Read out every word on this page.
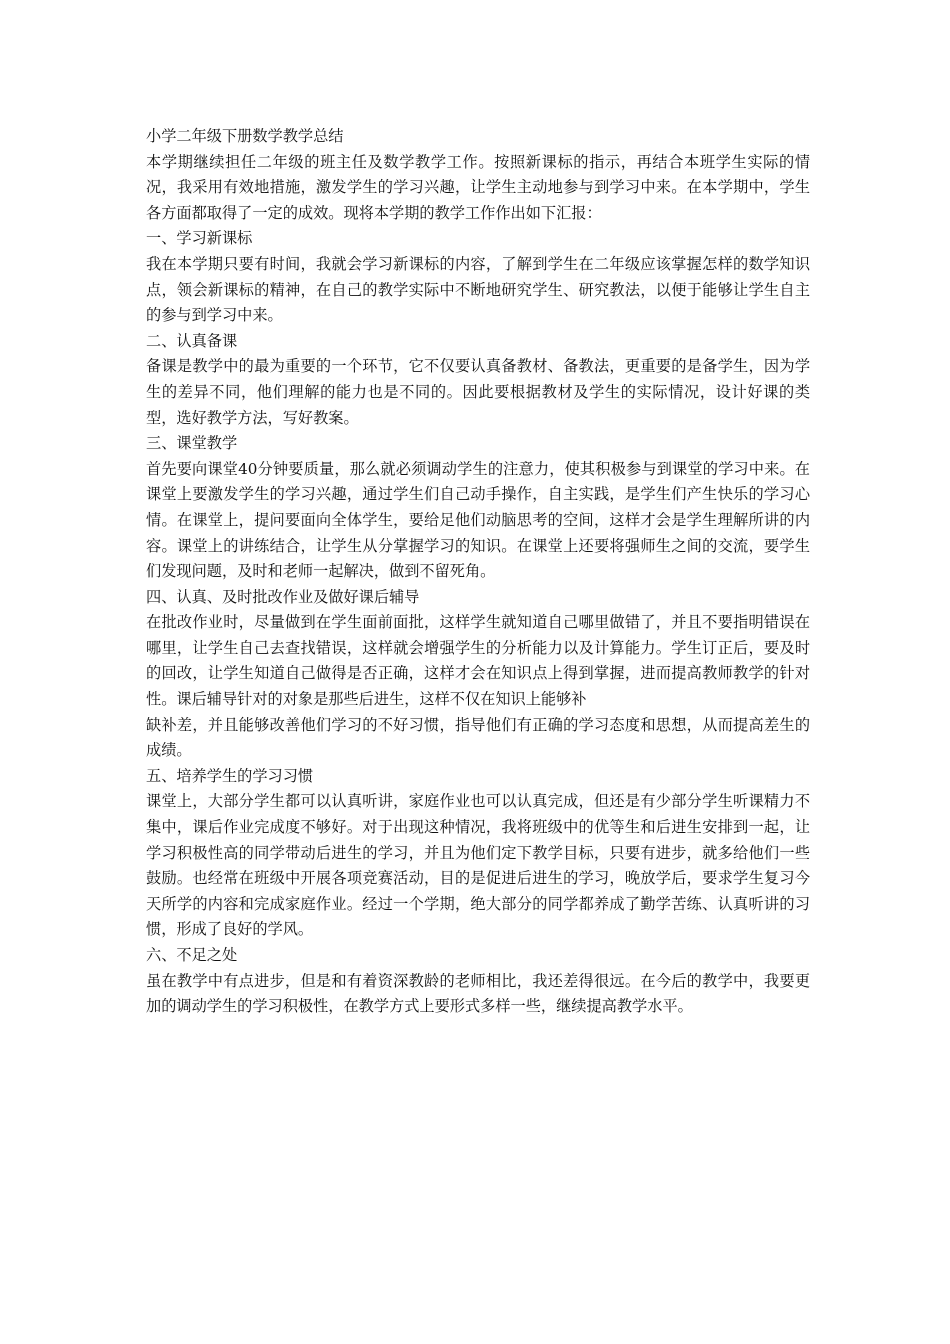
小学二年级下册数学教学总结

本学期继续担任二年级的班主任及数学教学工作。按照新课标的指示，再结合本班学生实际的情况，我采用有效地措施，激发学生的学习兴趣，让学生主动地参与到学习中来。在本学期中，学生各方面都取得了一定的成效。现将本学期的教学工作作出如下汇报：

一、学习新课标

我在本学期只要有时间，我就会学习新课标的内容，了解到学生在二年级应该掌握怎样的数学知识点，领会新课标的精神，在自己的教学实际中不断地研究学生、研究教法，以便于能够让学生自主的参与到学习中来。

二、认真备课

备课是教学中的最为重要的一个环节，它不仅要认真备教材、备教法，更重要的是备学生，因为学生的差异不同，他们理解的能力也是不同的。因此要根据教材及学生的实际情况，设计好课的类型，选好教学方法，写好教案。

三、课堂教学

首先要向课堂40分钟要质量，那么就必须调动学生的注意力，使其积极参与到课堂的学习中来。在课堂上要激发学生的学习兴趣，通过学生们自己动手操作，自主实践，是学生们产生快乐的学习心情。在课堂上，提问要面向全体学生，要给足他们动脑思考的空间，这样才会是学生理解所讲的内容。课堂上的讲练结合，让学生从分掌握学习的知识。在课堂上还要将强师生之间的交流，要学生们发现问题，及时和老师一起解决，做到不留死角。

四、认真、及时批改作业及做好课后辅导
在批改作业时，尽量做到在学生面前面批，这样学生就知道自己哪里做错了，并且不要指明错误在哪里，让学生自己去查找错误，这样就会增强学生的分析能力以及计算能力。学生订正后，要及时的回改，让学生知道自己做得是否正确，这样才会在知识点上得到掌握，进而提高教师教学的针对性。课后辅导针对的对象是那些后进生，这样不仅在知识上能够补
缺补差，并且能够改善他们学习的不好习惯，指导他们有正确的学习态度和思想，从而提高差生的成绩。
五、培养学生的学习习惯

课堂上，大部分学生都可以认真听讲，家庭作业也可以认真完成，但还是有少部分学生听课精力不集中，课后作业完成度不够好。对于出现这种情况，我将班级中的优等生和后进生安排到一起，让学习积极性高的同学带动后进生的学习，并且为他们定下教学目标，只要有进步，就多给他们一些鼓励。也经常在班级中开展各项竞赛活动，目的是促进后进生的学习，晚放学后，要求学生复习今天所学的内容和完成家庭作业。经过一个学期，绝大部分的同学都养成了勤学苦练、认真听讲的习惯，形成了良好的学风。

六、不足之处

虽在教学中有点进步，但是和有着资深教龄的老师相比，我还差得很远。在今后的教学中，我要更加的调动学生的学习积极性，在教学方式上要形式多样一些，继续提高教学水平。
